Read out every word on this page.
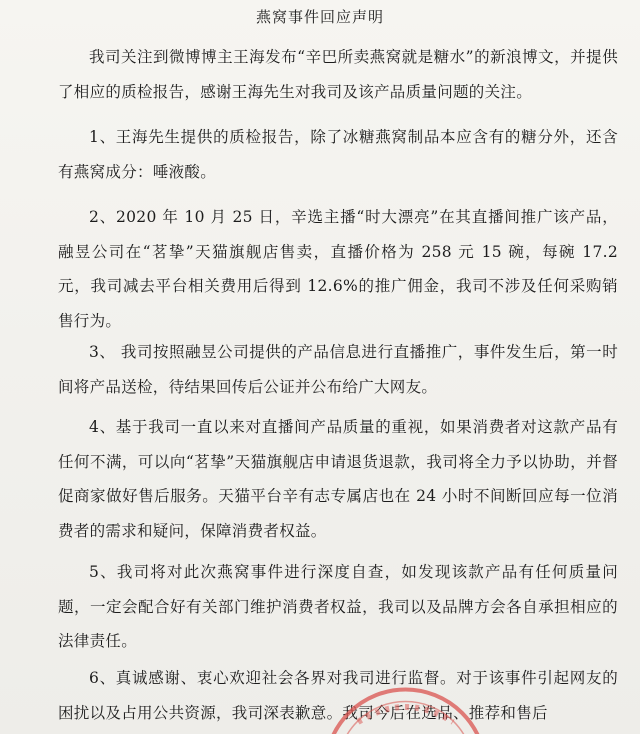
燕窝事件回应声明

我司关注到微博博主王海发布“辛巴所卖燕窝就是糖水”的新浪博文，并提供了相应的质检报告，感谢王海先生对我司及该产品质量问题的关注。

1、王海先生提供的质检报告，除了冰糖燕窝制品本应含有的糖分外，还含有燕窝成分：唾液酸。

2、2020 年 10 月 25 日，辛选主播“时大漂亮”在其直播间推广该产品，融昱公司在“茗挚”天猫旗舰店售卖，直播价格为 258 元 15 碗，每碗 17.2 元，我司减去平台相关费用后得到 12.6%的推广佣金，我司不涉及任何采购销售行为。

3、 我司按照融昱公司提供的产品信息进行直播推广，事件发生后，第一时间将产品送检，待结果回传后公证并公布给广大网友。

4、基于我司一直以来对直播间产品质量的重视，如果消费者对这款产品有任何不满，可以向“茗挚”天猫旗舰店申请退货退款，我司将全力予以协助，并督促商家做好售后服务。天猫平台辛有志专属店也在 24 小时不间断回应每一位消费者的需求和疑问，保障消费者权益。

5、我司将对此次燕窝事件进行深度自查，如发现该款产品有任何质量问题，一定会配合好有关部门维护消费者权益，我司以及品牌方会各自承担相应的法律责任。

6、真诚感谢、衷心欢迎社会各界对我司进行监督。对于该事件引起网友的困扰以及占用公共资源，我司深表歉意。我司今后在选品、推荐和售后
